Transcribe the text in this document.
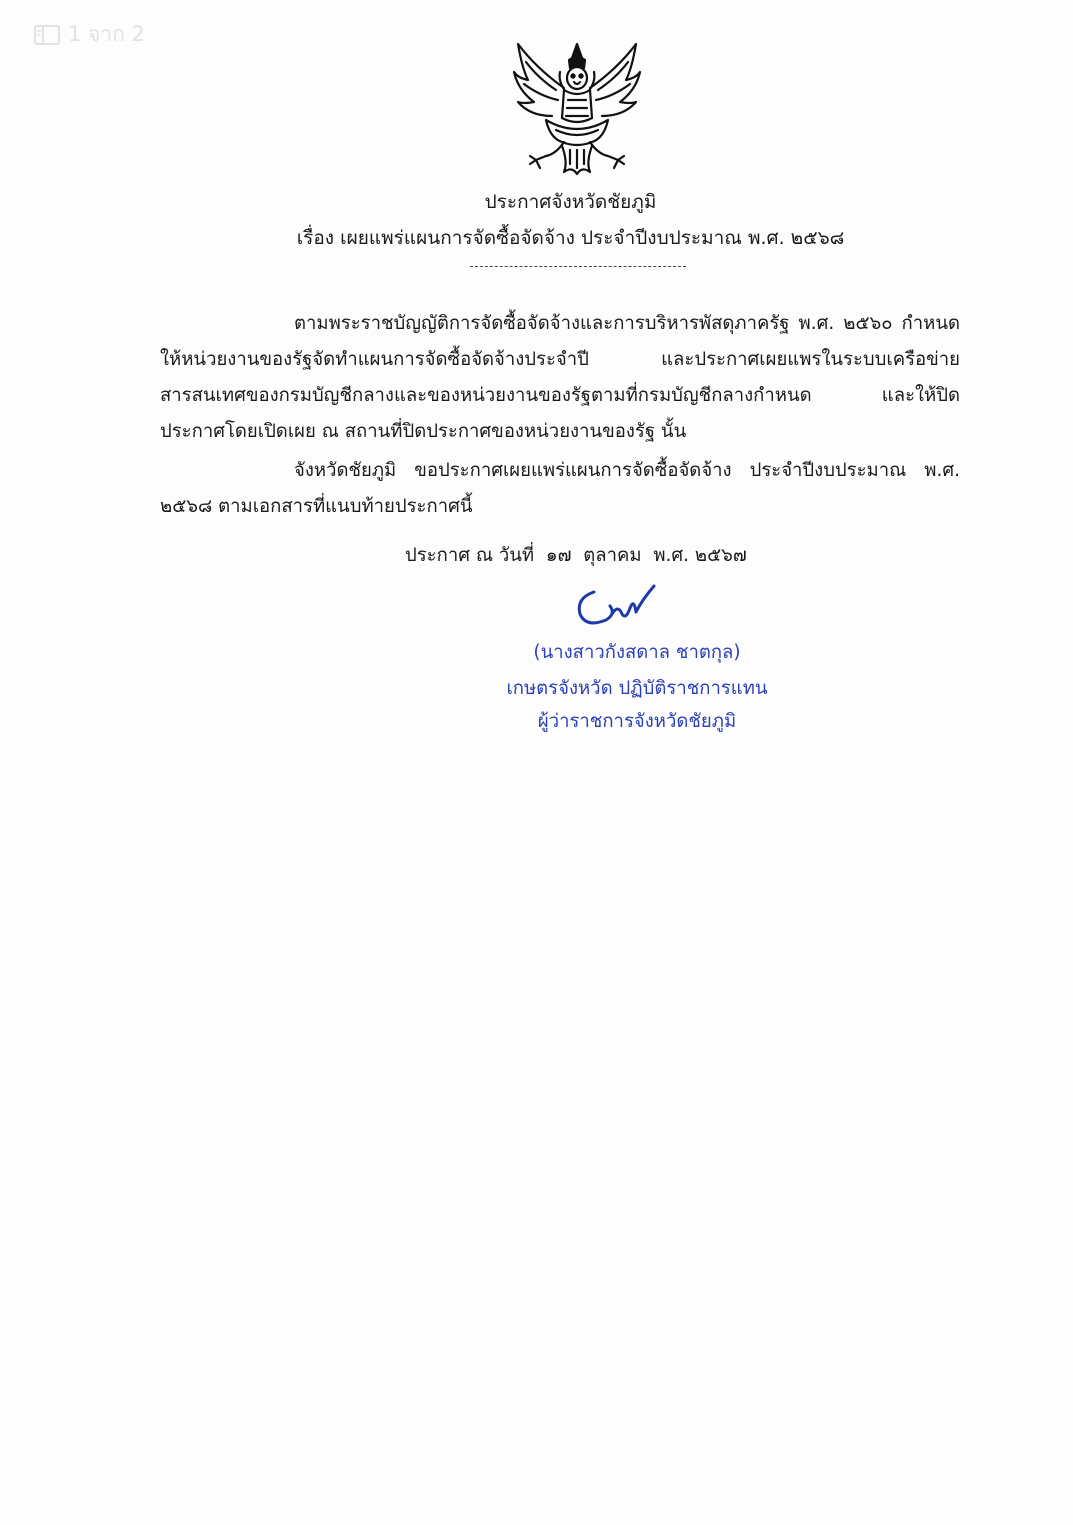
1 จาก 2
ประกาศจังหวัดชัยภูมิ
เรื่อง เผยแพร่แผนการจัดซื้อจัดจ้าง ประจำปีงบประมาณ พ.ศ. ๒๕๖๘
ตามพระราชบัญญัติการจัดซื้อจัดจ้างและการบริหารพัสดุภาครัฐ พ.ศ. ๒๕๖๐ กำหนดให้หน่วยงานของรัฐจัดทำแผนการจัดซื้อจัดจ้างประจำปี และประกาศเผยแพรในระบบเครือข่ายสารสนเทศของกรมบัญชีกลางและของหน่วยงานของรัฐตามที่กรมบัญชีกลางกำหนด และให้ปิดประกาศโดยเปิดเผย ณ สถานที่ปิดประกาศของหน่วยงานของรัฐ นั้น
จังหวัดชัยภูมิ ขอประกาศเผยแพร่แผนการจัดซื้อจัดจ้าง ประจำปีงบประมาณ พ.ศ. ๒๕๖๘ ตามเอกสารที่แนบท้ายประกาศนี้
ประกาศ ณ วันที่  ๑๗  ตุลาคม  พ.ศ. ๒๕๖๗
(นางสาวกังสดาล ชาตกุล)
เกษตรจังหวัด ปฏิบัติราชการแทน
ผู้ว่าราชการจังหวัดชัยภูมิ
